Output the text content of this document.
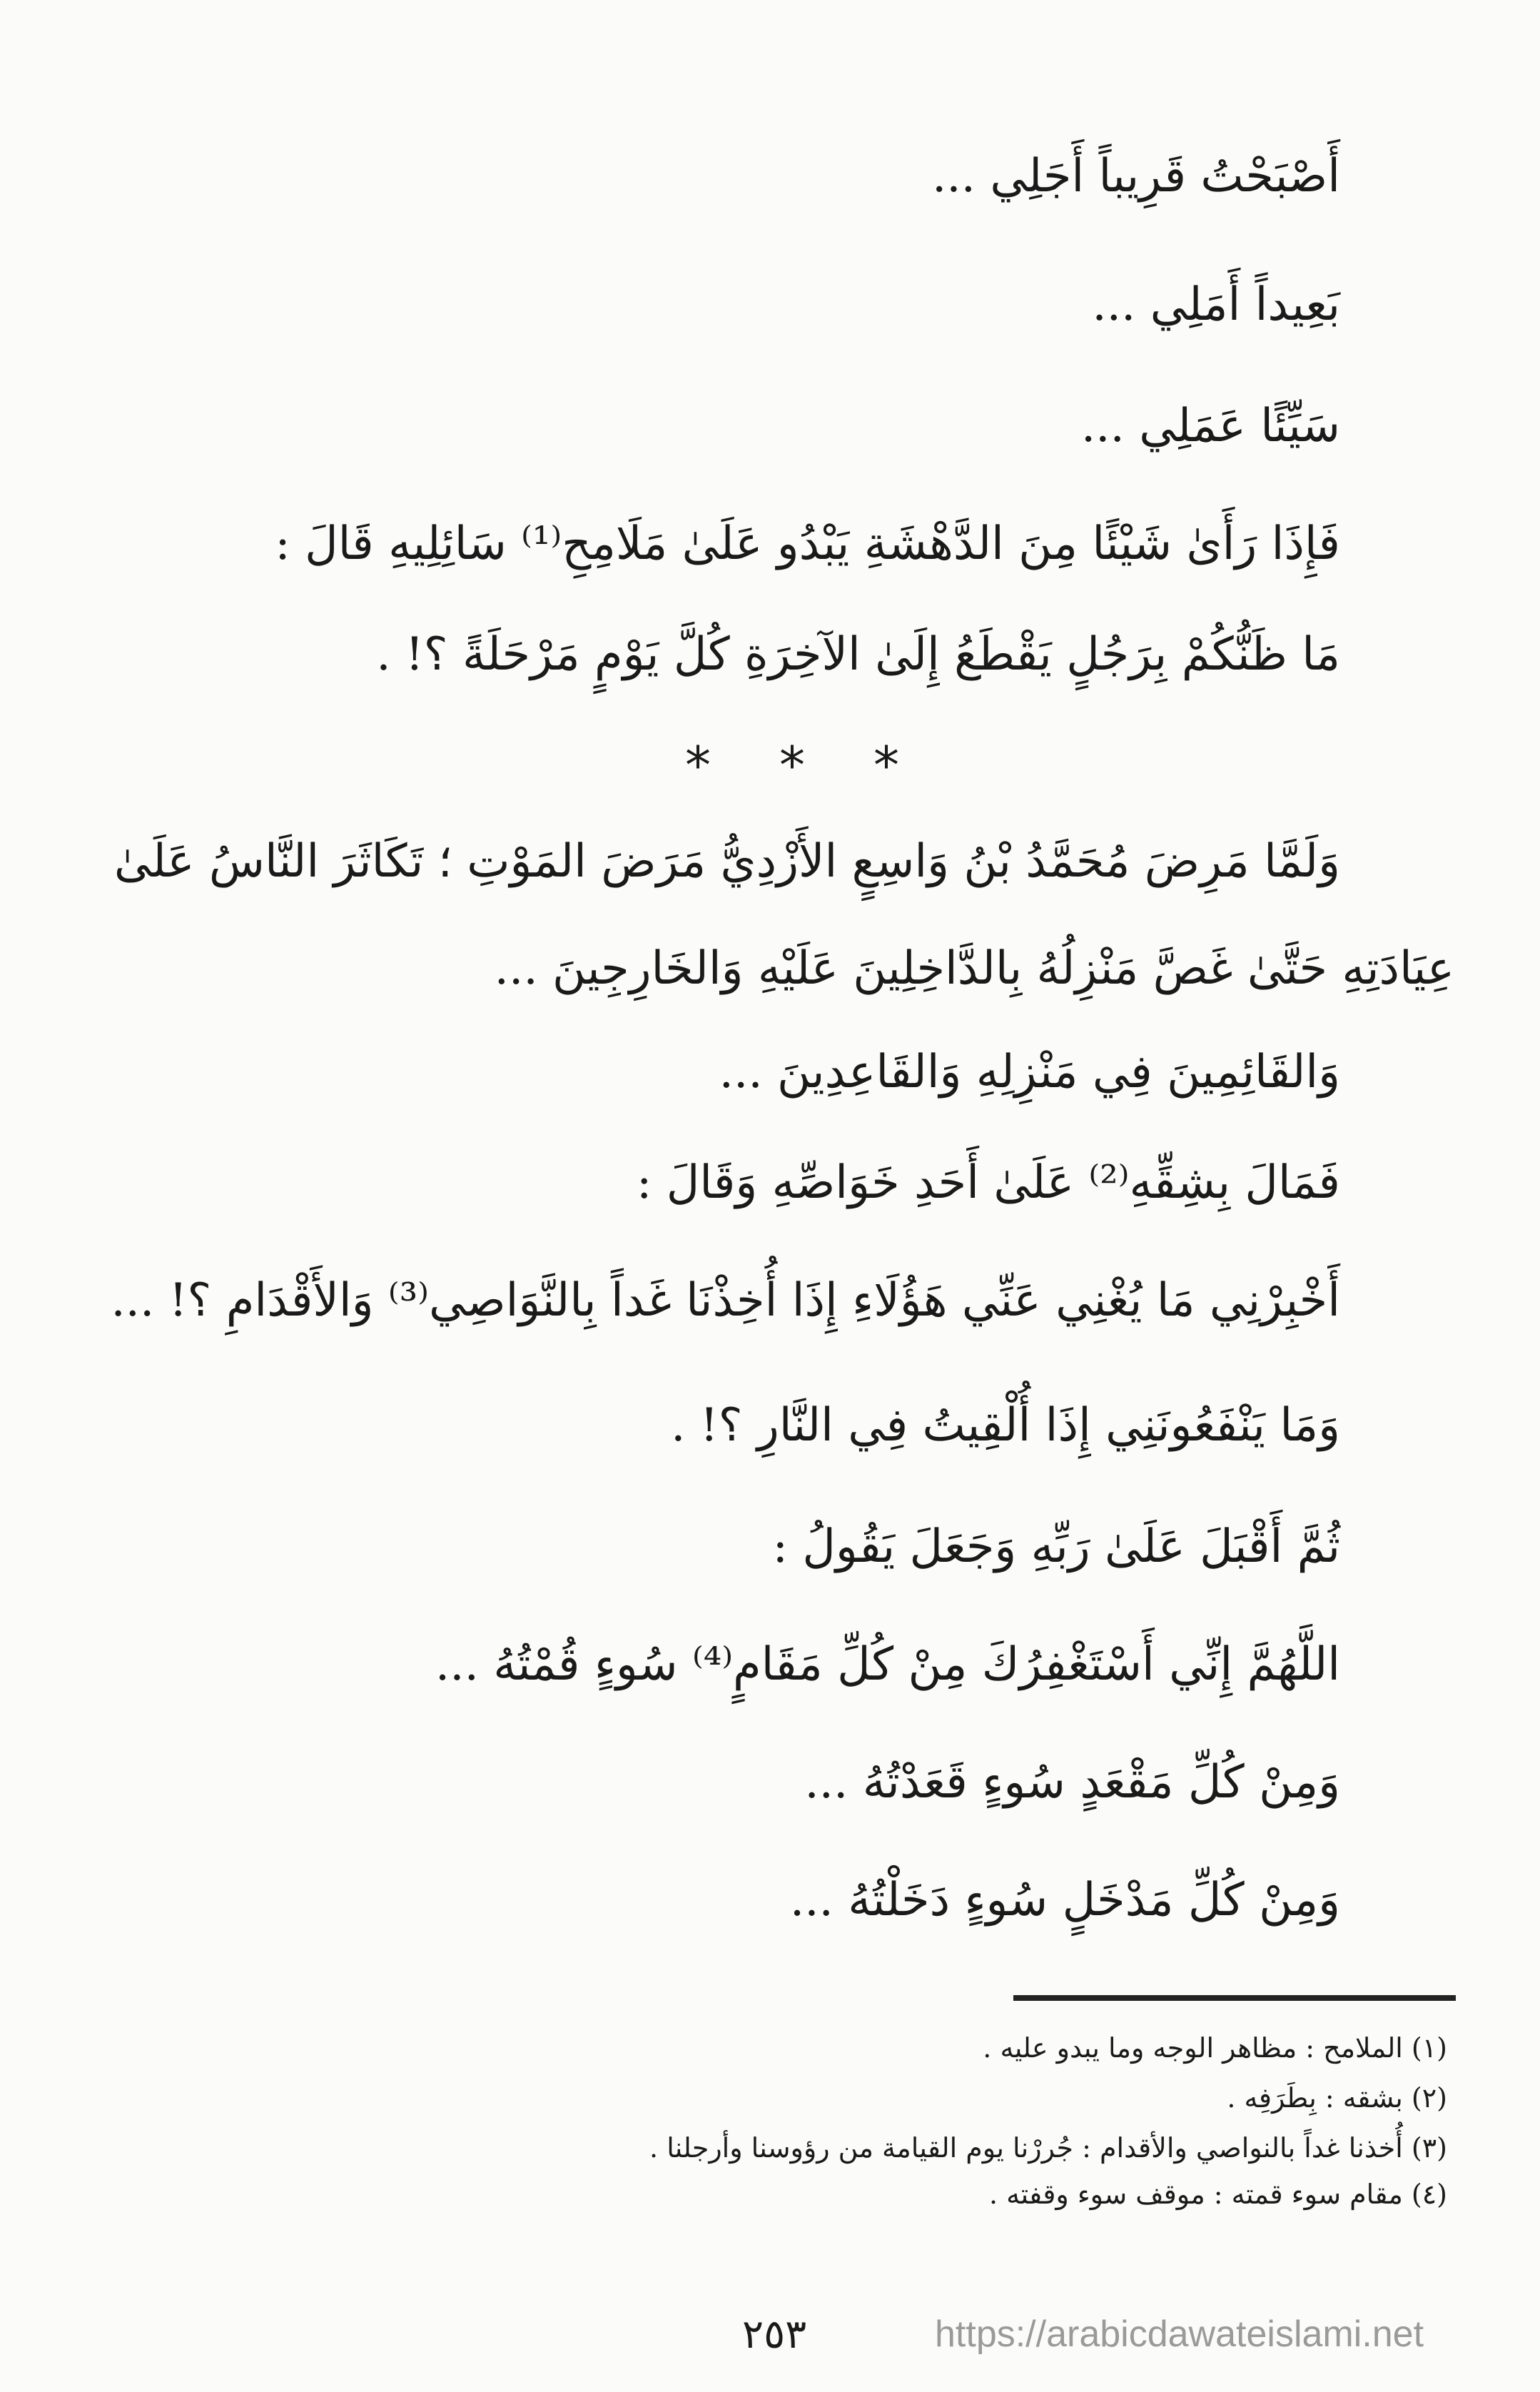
أَصْبَحْتُ قَرِيباً أَجَلِي ...
بَعِيداً أَمَلِي ...
سَيِّئًا عَمَلِي ...
فَإِذَا رَأَىٰ شَيْئًا مِنَ الدَّهْشَةِ يَبْدُو عَلَىٰ مَلَامِحِ⁽¹⁾ سَائِلِيهِ قَالَ :
مَا ظَنُّكُمْ بِرَجُلٍ يَقْطَعُ إِلَىٰ الآخِرَةِ كُلَّ يَوْمٍ مَرْحَلَةً ؟! .
* * *
وَلَمَّا مَرِضَ مُحَمَّدُ بْنُ وَاسِعٍ الأَزْدِيُّ مَرَضَ المَوْتِ ؛ تَكَاثَرَ النَّاسُ عَلَىٰ
عِيَادَتِهِ حَتَّىٰ غَصَّ مَنْزِلُهُ بِالدَّاخِلِينَ عَلَيْهِ وَالخَارِجِينَ ...
وَالقَائِمِينَ فِي مَنْزِلِهِ وَالقَاعِدِينَ ...
فَمَالَ بِشِقِّهِ⁽²⁾ عَلَىٰ أَحَدِ خَوَاصِّهِ وَقَالَ :
أَخْبِرْنِي مَا يُغْنِي عَنِّي هَؤُلَاءِ إِذَا أُخِذْنَا غَداً بِالنَّوَاصِي⁽³⁾ وَالأَقْدَامِ ؟! ...
وَمَا يَنْفَعُونَنِي إِذَا أُلْقِيتُ فِي النَّارِ ؟! .
ثُمَّ أَقْبَلَ عَلَىٰ رَبِّهِ وَجَعَلَ يَقُولُ :
اللَّهُمَّ إِنِّي أَسْتَغْفِرُكَ مِنْ كُلِّ مَقَامٍ⁽⁴⁾ سُوءٍ قُمْتُهُ ...
وَمِنْ كُلِّ مَقْعَدٍ سُوءٍ قَعَدْتُهُ ...
وَمِنْ كُلِّ مَدْخَلٍ سُوءٍ دَخَلْتُهُ ...
(١) الملامح : مظاهر الوجه وما يبدو عليه .
(٢) بشقه : بِطَرَفِه .
(٣) أُخذنا غداً بالنواصي والأقدام : جُررْنا يوم القيامة من رؤوسنا وأرجلنا .
(٤) مقام سوء قمته : موقف سوء وقفته .
٢٥٣	https://arabicdawateislami.net
